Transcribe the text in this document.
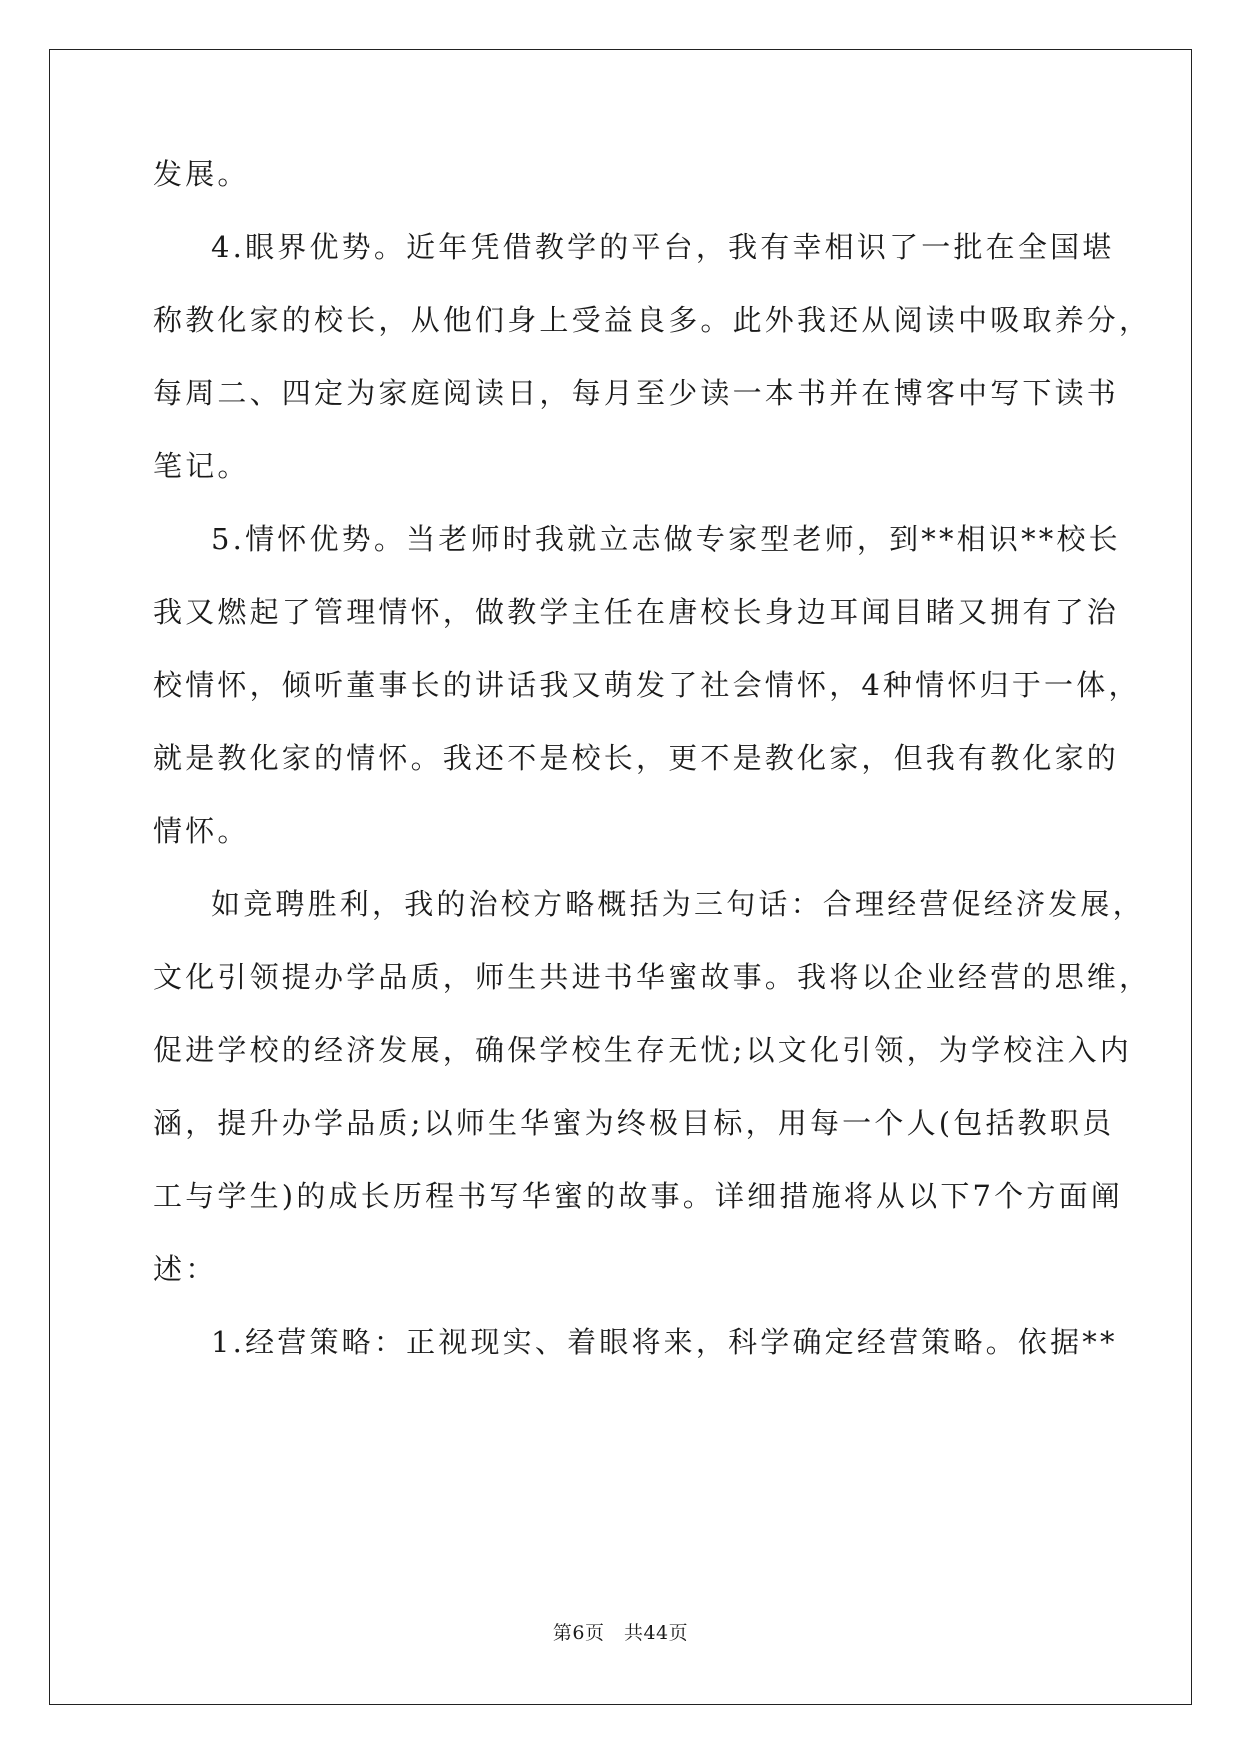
发展。
4.眼界优势。近年凭借教学的平台，我有幸相识了一批在全国堪
称教化家的校长，从他们身上受益良多。此外我还从阅读中吸取养分，
每周二、四定为家庭阅读日，每月至少读一本书并在博客中写下读书
笔记。
5.情怀优势。当老师时我就立志做专家型老师，到**相识**校长
我又燃起了管理情怀，做教学主任在唐校长身边耳闻目睹又拥有了治
校情怀，倾听董事长的讲话我又萌发了社会情怀，4种情怀归于一体，
就是教化家的情怀。我还不是校长，更不是教化家，但我有教化家的
情怀。
如竞聘胜利，我的治校方略概括为三句话：合理经营促经济发展，
文化引领提办学品质，师生共进书华蜜故事。我将以企业经营的思维，
促进学校的经济发展，确保学校生存无忧;以文化引领，为学校注入内
涵，提升办学品质;以师生华蜜为终极目标，用每一个人(包括教职员
工与学生)的成长历程书写华蜜的故事。详细措施将从以下7个方面阐
述：
1.经营策略：正视现实、着眼将来，科学确定经营策略。依据**
第6页　共44页
